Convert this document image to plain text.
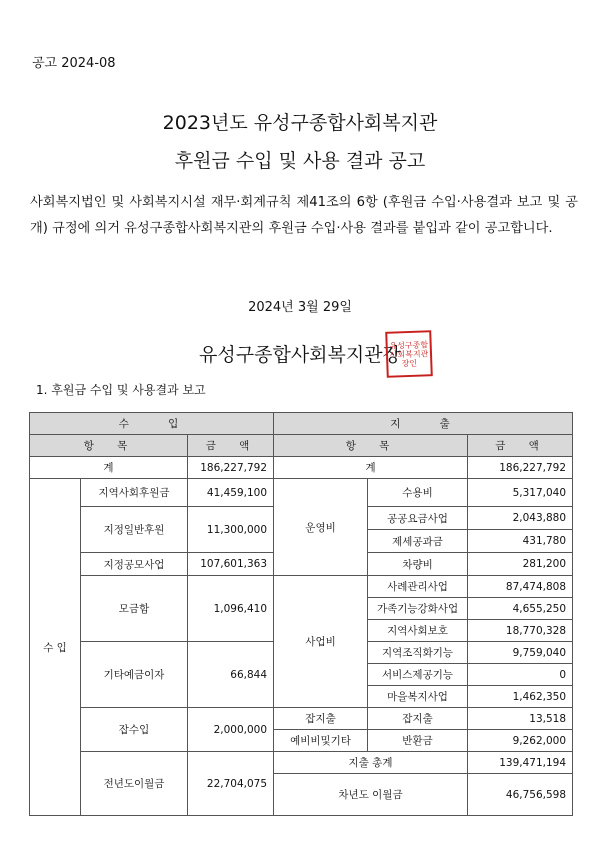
공고 2024-08
2023년도 유성구종합사회복지관
후원금 수입 및 사용 결과 공고
사회복지법인 및 사회복지시설 재무·회계규칙 제41조의 6항 (후원금 수입·사용결과 보고 및 공개) 규정에 의거 유성구종합사회복지관의 후원금 수입·사용 결과를 붙입과 같이 공고합니다.
2024년 3월 29일
유성구종합사회복지관장
유성구종합사회복지관장인
1. 후원금 수입 및 사용결과 보고
수 입			지 출		
항 목		금 액	항 목		금 액
계		186,227,792	계		186,227,792
수 입	지역사회후원금	41,459,100	운영비	수용비	5,317,040
	지정일반후원	11,300,000		공공요금사업	2,043,880
				제세공과금	431,780
	지정공모사업	107,601,363		차량비	281,200
	모금함	1,096,410	사업비	사례관리사업	87,474,808
				가족기능강화사업	4,655,250
				지역사회보호	18,770,328
	기타예금이자	66,844		지역조직화기능	9,759,040
				서비스제공기능	0
				마을복지사업	1,462,350
	잡수입	2,000,000	잡지출	잡지출	13,518
			예비비및기타	반환금	9,262,000
	전년도이월금	22,704,075	지출 총계		139,471,194
			차년도 이월금		46,756,598
